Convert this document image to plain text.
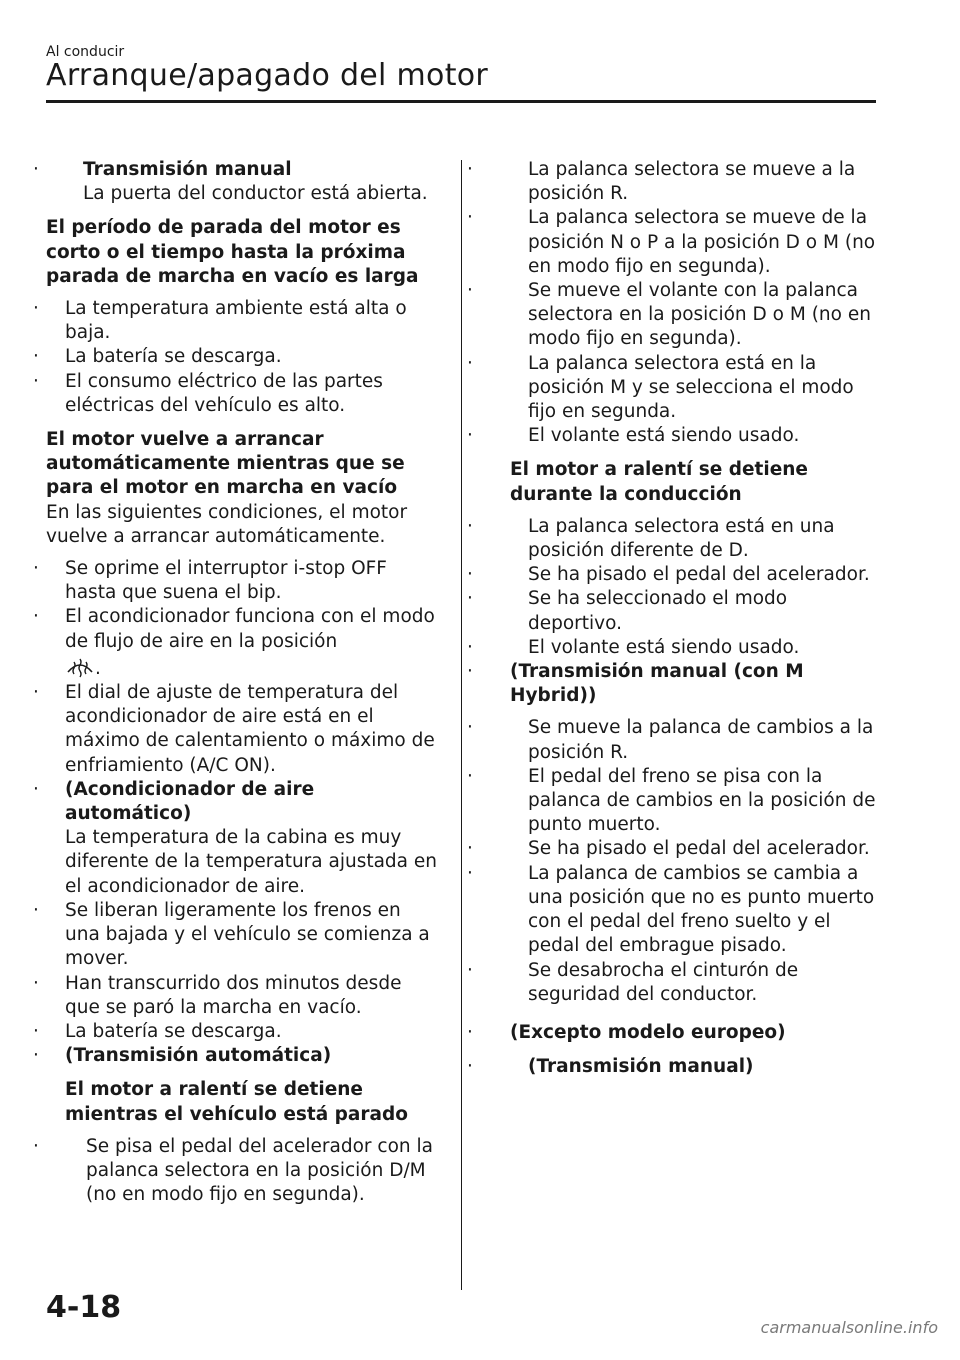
Al conducir
Arranque/apagado del motor
· Transmisión manual
La puerta del conductor está abierta.
El período de parada del motor es corto o el tiempo hasta la próxima parada de marcha en vacío es larga
· La temperatura ambiente está alta o baja.
· La batería se descarga.
· El consumo eléctrico de las partes eléctricas del vehículo es alto.
El motor vuelve a arrancar automáticamente mientras que se para el motor en marcha en vacío
En las siguientes condiciones, el motor vuelve a arrancar automáticamente.
· Se oprime el interruptor i-stop OFF hasta que suena el bip.
· El acondicionador funciona con el modo de flujo de aire en la posición
.
· El dial de ajuste de temperatura del acondicionador de aire está en el máximo de calentamiento o máximo de enfriamiento (A/C ON).
· (Acondicionador de aire automático)
La temperatura de la cabina es muy diferente de la temperatura ajustada en el acondicionador de aire.
· Se liberan ligeramente los frenos en una bajada y el vehículo se comienza a mover.
· Han transcurrido dos minutos desde que se paró la marcha en vacío.
· La batería se descarga.
· (Transmisión automática)
El motor a ralentí se detiene mientras el vehículo está parado
· Se pisa el pedal del acelerador con la palanca selectora en la posición D/M (no en modo fijo en segunda).
· La palanca selectora se mueve a la posición R.
· La palanca selectora se mueve de la posición N o P a la posición D o M (no en modo fijo en segunda).
· Se mueve el volante con la palanca selectora en la posición D o M (no en modo fijo en segunda).
· La palanca selectora está en la posición M y se selecciona el modo fijo en segunda.
· El volante está siendo usado.
El motor a ralentí se detiene durante la conducción
· La palanca selectora está en una posición diferente de D.
· Se ha pisado el pedal del acelerador.
· Se ha seleccionado el modo deportivo.
· El volante está siendo usado.
· (Transmisión manual (con M Hybrid))
· Se mueve la palanca de cambios a la posición R.
· El pedal del freno se pisa con la palanca de cambios en la posición de punto muerto.
· Se ha pisado el pedal del acelerador.
· La palanca de cambios se cambia a una posición que no es punto muerto con el pedal del freno suelto y el pedal del embrague pisado.
· Se desabrocha el cinturón de seguridad del conductor.
· (Excepto modelo europeo)
· (Transmisión manual)
4-18
carmanualsonline.info
